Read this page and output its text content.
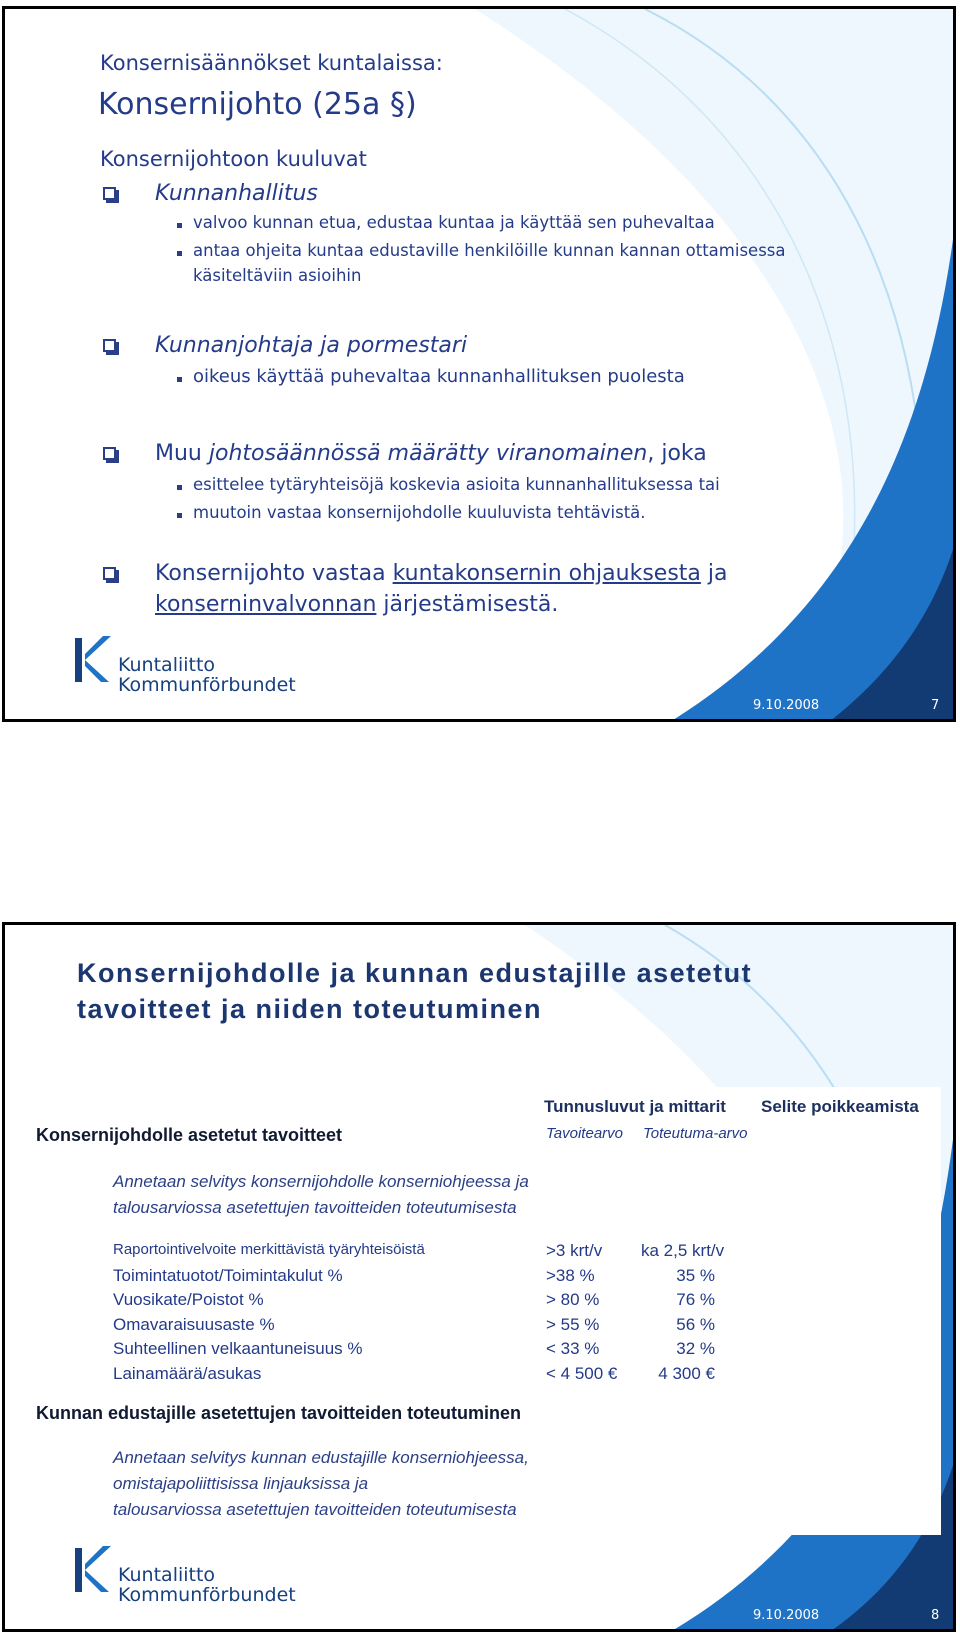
Konsernisäännökset kuntalaissa:
Konsernijohto (25a §)
Konsernijohtoon kuuluvat
Kunnanhallitus
valvoo kunnan etua, edustaa kuntaa ja käyttää sen puhevaltaa
antaa ohjeita kuntaa edustaville henkilöille kunnan kannan ottamisessa
käsiteltäviin asioihin
Kunnanjohtaja ja pormestari
oikeus käyttää puhevaltaa kunnanhallituksen puolesta
Muu johtosäännössä määrätty viranomainen, joka
esittelee tytäryhteisöjä koskevia asioita kunnanhallituksessa tai
muutoin vastaa konsernijohdolle kuuluvista tehtävistä.
Konsernijohto vastaa kuntakonsernin ohjauksesta ja
konserninvalvonnan järjestämisestä.
Kuntaliitto
Kommunförbundet
9.10.2008	7
Konsernijohdolle ja kunnan edustajille asetetut
tavoitteet ja niiden toteutuminen
Tunnusluvut ja mittarit Selite poikkeamista
Tavoitearvo Toteutuma-arvo
Konsernijohdolle asetetut tavoitteet
Annetaan selvitys konsernijohdolle konserniohjeessa ja
talousarviossa asetettujen tavoitteiden toteutumisesta
Raportointivelvoite merkittävistä tyäryhteisöistä	>3 krt/v ka 2,5 krt/v
Toimintatuotot/Toimintakulut %	>38 %	35 %
Vuosikate/Poistot %	> 80 %	76 %
Omavaraisuusaste %	> 55 %	56 %
Suhteellinen velkaantuneisuus %	< 33 %	32 %
Lainamäärä/asukas	< 4 500 € 4 300 €
Kunnan edustajille asetettujen tavoitteiden toteutuminen
Annetaan selvitys kunnan edustajille konserniohjeessa,
omistajapoliittisissa linjauksissa ja
talousarviossa asetettujen tavoitteiden toteutumisesta
Kuntaliitto
Kommunförbundet
9.10.2008	8
